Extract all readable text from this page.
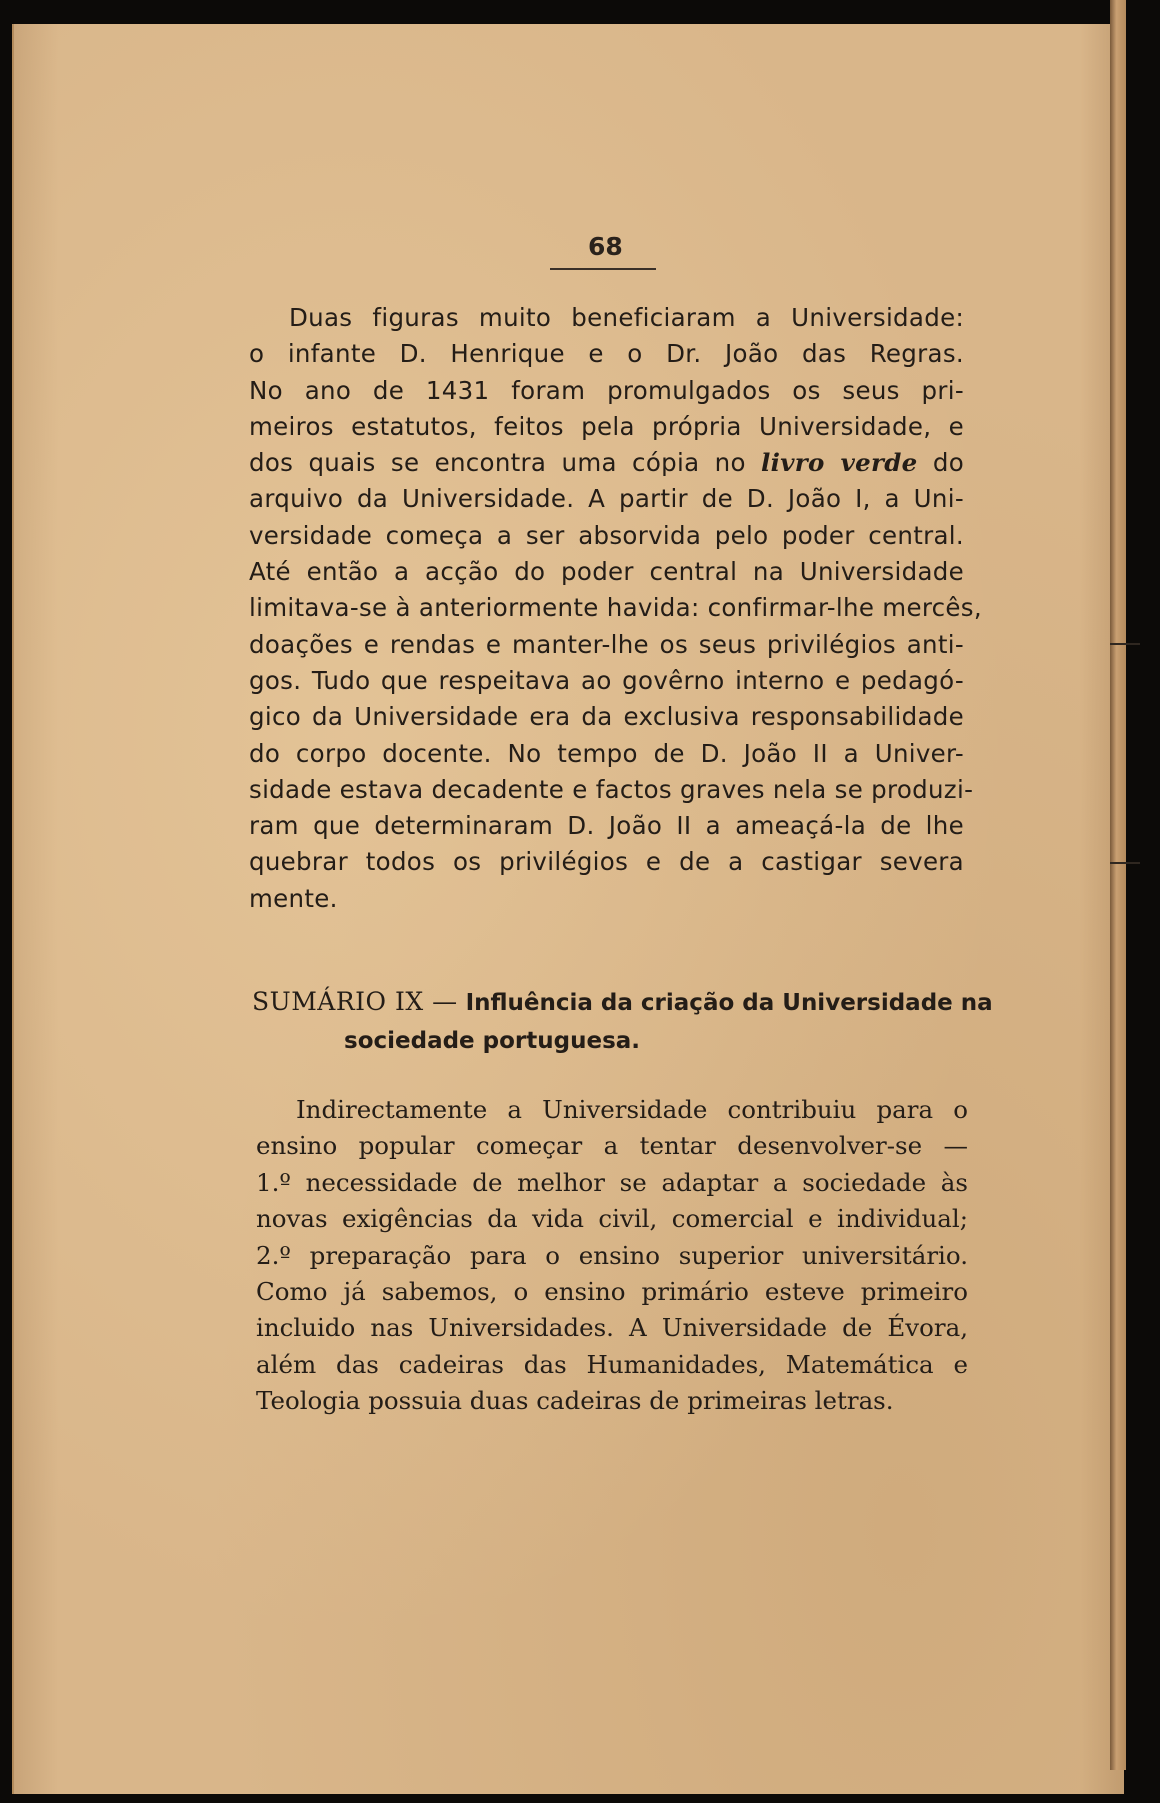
68
Duas figuras muito beneficiaram a Universidade:
o infante D. Henrique e o Dr. João das Regras.
No ano de 1431 foram promulgados os seus pri-
meiros estatutos, feitos pela própria Universidade, e
dos quais se encontra uma cópia no livro verde do
arquivo da Universidade. A partir de D. João I, a Uni-
versidade começa a ser absorvida pelo poder central.
Até então a acção do poder central na Universidade
limitava-se à anteriormente havida: confirmar-lhe mercês,
doações e rendas e manter-lhe os seus privilégios anti-
gos. Tudo que respeitava ao govêrno interno e pedagó-
gico da Universidade era da exclusiva responsabilidade
do corpo docente. No tempo de D. João II a Univer-
sidade estava decadente e factos graves nela se produzi-
ram que determinaram D. João II a ameaçá-la de lhe
quebrar todos os privilégios e de a castigar severa
mente.
SUMÁRIO IX — Influência da criação da Universidade na
sociedade portuguesa.
Indirectamente a Universidade contribuiu para o
ensino popular começar a tentar desenvolver-se —
1.º necessidade de melhor se adaptar a sociedade às
novas exigências da vida civil, comercial e individual;
2.º preparação para o ensino superior universitário.
Como já sabemos, o ensino primário esteve primeiro
incluido nas Universidades. A Universidade de Évora,
além das cadeiras das Humanidades, Matemática e
Teologia possuia duas cadeiras de primeiras letras.
